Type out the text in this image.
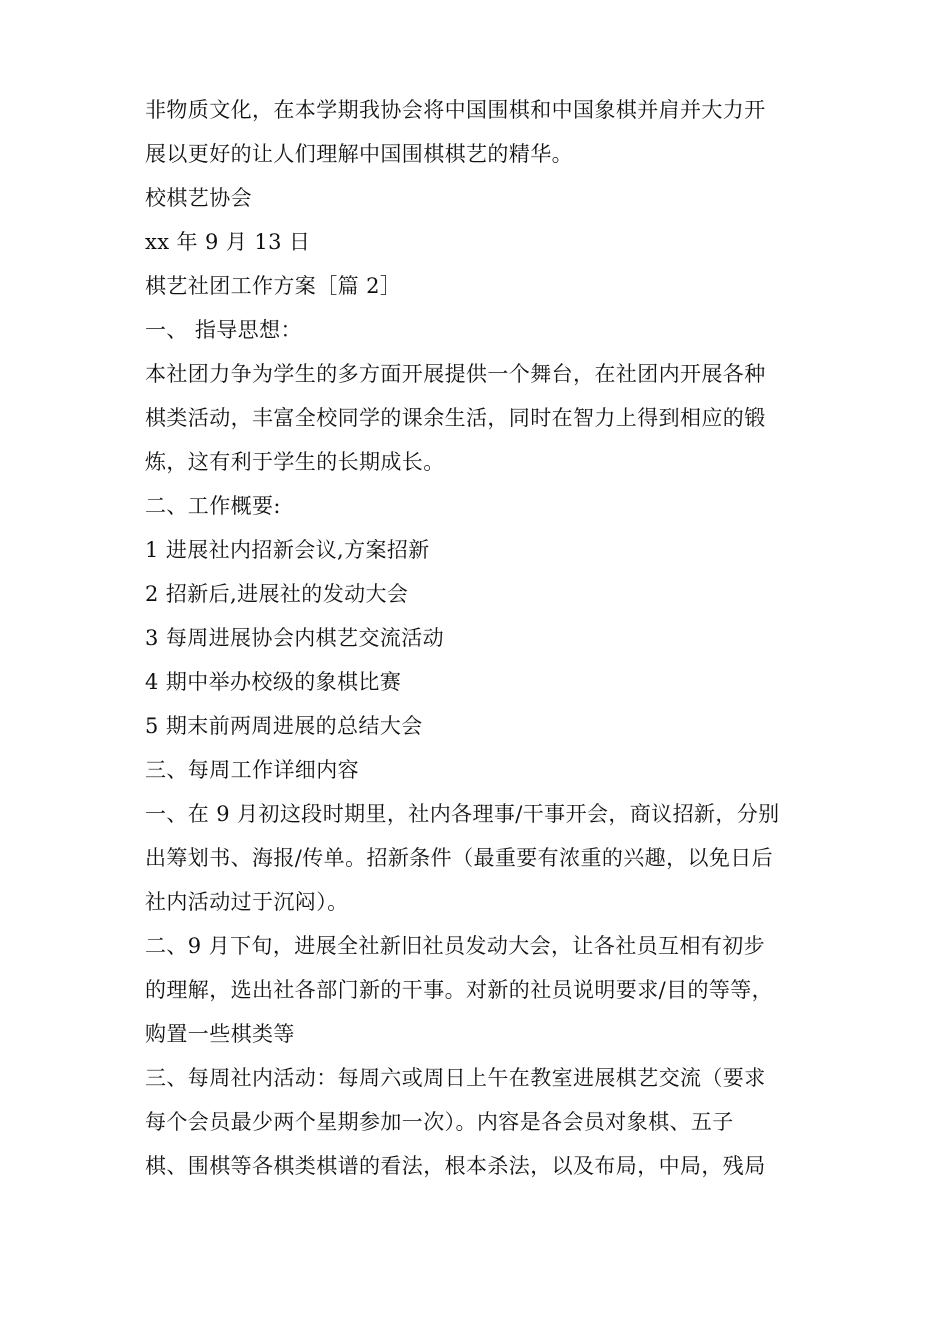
非物质文化，在本学期我协会将中国围棋和中国象棋并肩并大力开
展以更好的让人们理解中国围棋棋艺的精华。
校棋艺协会
xx 年 9 月 13 日
棋艺社团工作方案［篇 2］
一、 指导思想：
本社团力争为学生的多方面开展提供一个舞台，在社团内开展各种
棋类活动，丰富全校同学的课余生活，同时在智力上得到相应的锻
炼，这有利于学生的长期成长。
二、工作概要:
1 进展社内招新会议,方案招新
2 招新后,进展社的发动大会
3 每周进展协会内棋艺交流活动
4 期中举办校级的象棋比赛
5 期末前两周进展的总结大会
三、每周工作详细内容
一、在 9 月初这段时期里，社内各理事/干事开会，商议招新，分别
出筹划书、海报/传单。招新条件（最重要有浓重的兴趣，以免日后
社内活动过于沉闷）。
二、9 月下旬，进展全社新旧社员发动大会，让各社员互相有初步
的理解，选出社各部门新的干事。对新的社员说明要求/目的等等，
购置一些棋类等
三、每周社内活动：每周六或周日上午在教室进展棋艺交流（要求
每个会员最少两个星期参加一次）。内容是各会员对象棋、五子
棋、围棋等各棋类棋谱的看法，根本杀法，以及布局，中局，残局
